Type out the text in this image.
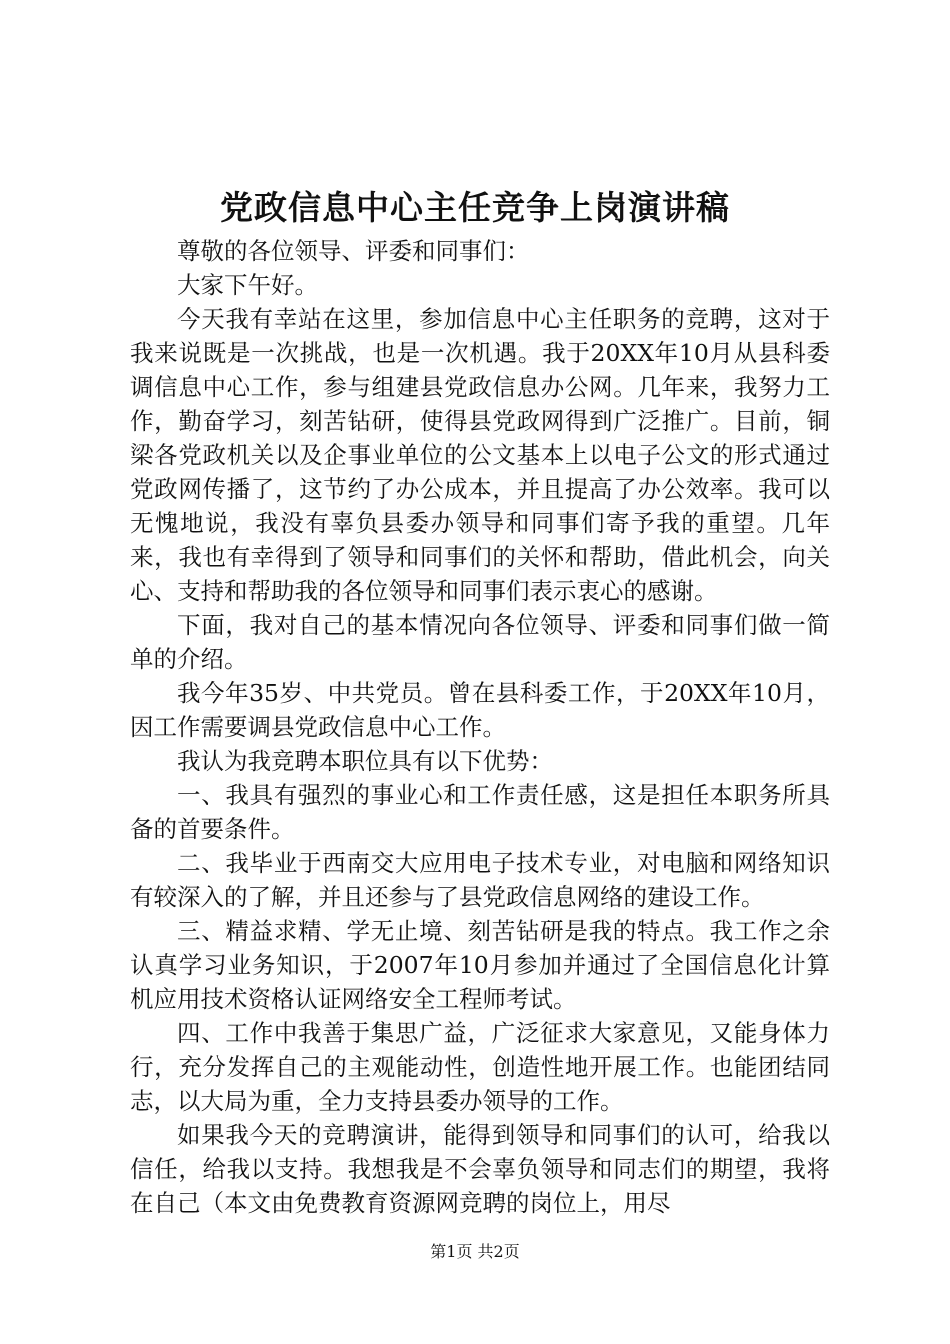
党政信息中心主任竞争上岗演讲稿

尊敬的各位领导、评委和同事们：

大家下午好。

今天我有幸站在这里，参加信息中心主任职务的竞聘，这对于我来说既是一次挑战，也是一次机遇。我于20XX年10月从县科委调信息中心工作，参与组建县党政信息办公网。几年来，我努力工作，勤奋学习，刻苦钻研，使得县党政网得到广泛推广。目前，铜梁各党政机关以及企事业单位的公文基本上以电子公文的形式通过党政网传播了，这节约了办公成本，并且提高了办公效率。我可以无愧地说，我没有辜负县委办领导和同事们寄予我的重望。几年来，我也有幸得到了领导和同事们的关怀和帮助，借此机会，向关心、支持和帮助我的各位领导和同事们表示衷心的感谢。

下面，我对自己的基本情况向各位领导、评委和同事们做一简单的介绍。

我今年35岁、中共党员。曾在县科委工作，于20XX年10月，因工作需要调县党政信息中心工作。

我认为我竞聘本职位具有以下优势：

一、我具有强烈的事业心和工作责任感，这是担任本职务所具备的首要条件。

二、我毕业于西南交大应用电子技术专业，对电脑和网络知识有较深入的了解，并且还参与了县党政信息网络的建设工作。

三、精益求精、学无止境、刻苦钻研是我的特点。我工作之余认真学习业务知识，于2007年10月参加并通过了全国信息化计算机应用技术资格认证网络安全工程师考试。

四、工作中我善于集思广益，广泛征求大家意见，又能身体力行，充分发挥自己的主观能动性，创造性地开展工作。也能团结同志，以大局为重，全力支持县委办领导的工作。

如果我今天的竞聘演讲，能得到领导和同事们的认可，给我以信任，给我以支持。我想我是不会辜负领导和同志们的期望，我将在自己（本文由免费教育资源网竞聘的岗位上，用尽

第1页 共2页
